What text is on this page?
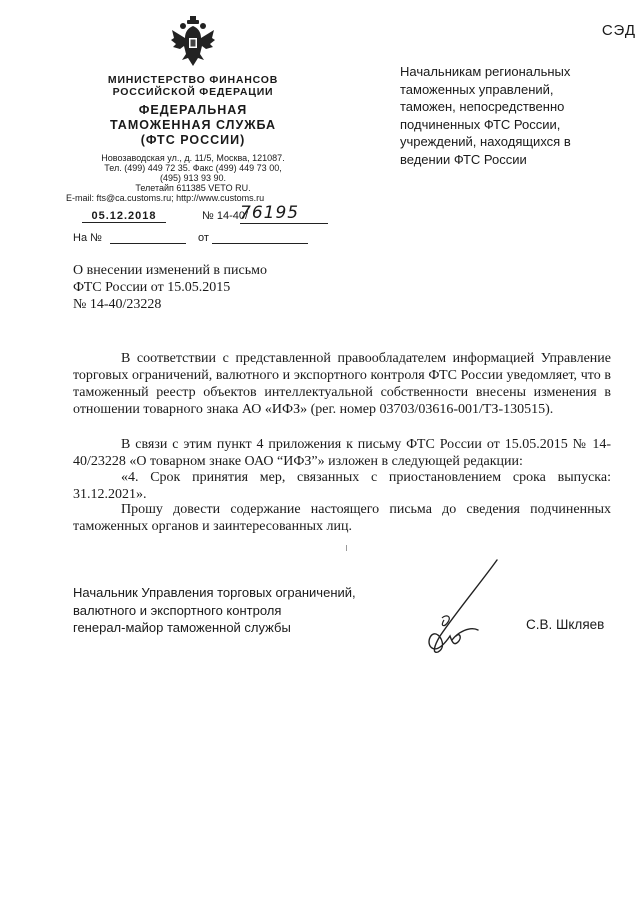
СЭД
МИНИСТЕРСТВО ФИНАНСОВ
РОССИЙСКОЙ ФЕДЕРАЦИИ
ФЕДЕРАЛЬНАЯ
ТАМОЖЕННАЯ СЛУЖБА
(ФТС РОССИИ)
Новозаводская ул., д. 11/5, Москва, 121087.
Тел. (499) 449 72 35. Факс (499) 449 73 00,
(495) 913 93 90.
Телетайп 611385 VETO RU.
E-mail: fts@ca.customs.ru; http://www.customs.ru
Начальникам региональных
таможенных управлений,
таможен, непосредственно
подчиненных ФТС России,
учреждений, находящихся в
ведении ФТС России
05.12.2018	№ 14-40/
76195
На №	от
О внесении изменений в письмо
ФТС России от 15.05.2015
№ 14-40/23228
В соответствии с представленной правообладателем информацией Управление торговых ограничений, валютного и экспортного контроля ФТС России уведомляет, что в таможенный реестр объектов интеллектуальной собственности внесены изменения в отношении товарного знака АО «ИФЗ» (рег. номер 03703/03616-001/ТЗ-130515).
В связи с этим пункт 4 приложения к письму ФТС России от 15.05.2015 № 14-40/23228 «О товарном знаке ОАО “ИФЗ”» изложен в следующей редакции:
«4. Срок принятия мер, связанных с приостановлением срока выпуска: 31.12.2021».
Прошу довести содержание настоящего письма до сведения подчиненных таможенных органов и заинтересованных лиц.
Начальник Управления торговых ограничений,
валютного и экспортного контроля
генерал-майор таможенной службы	С.В. Шкляев
